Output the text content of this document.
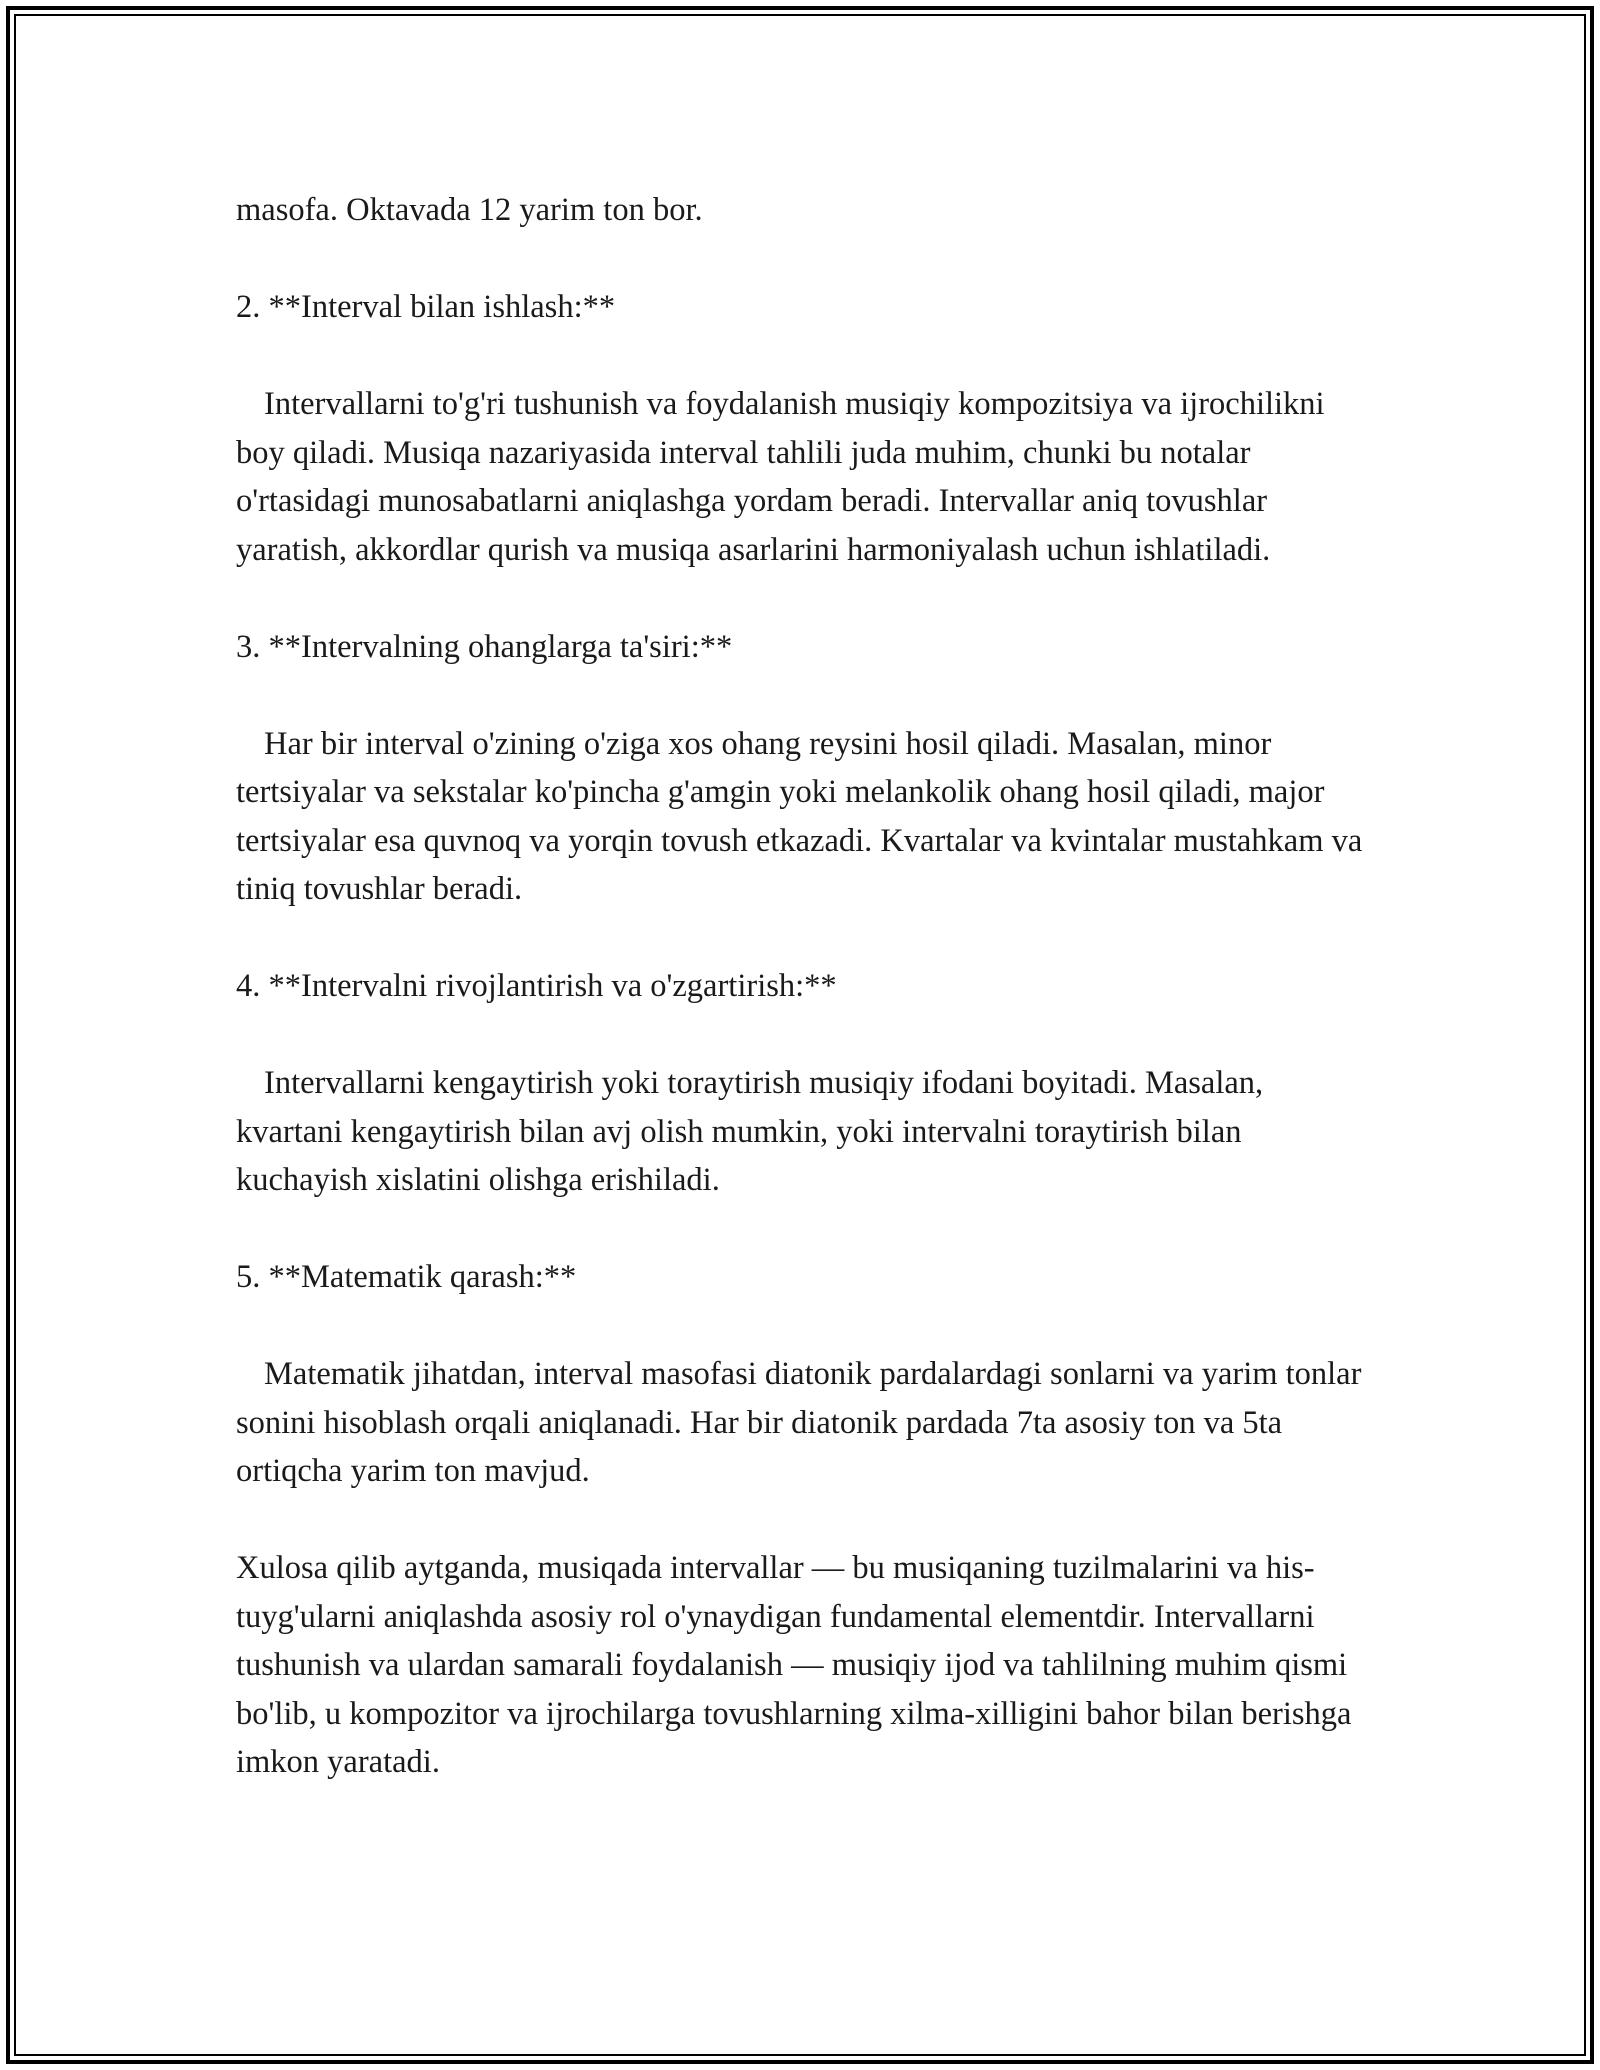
masofa. Oktavada 12 yarim ton bor.

2. **Interval bilan ishlash:**

Intervallarni to'g'ri tushunish va foydalanish musiqiy kompozitsiya va ijrochilikni boy qiladi. Musiqa nazariyasida interval tahlili juda muhim, chunki bu notalar o'rtasidagi munosabatlarni aniqlashga yordam beradi. Intervallar aniq tovushlar yaratish, akkordlar qurish va musiqa asarlarini harmoniyalash uchun ishlatiladi.

3. **Intervalning ohanglarga ta'siri:**

Har bir interval o'zining o'ziga xos ohang reysini hosil qiladi. Masalan, minor tertsiyalar va sekstalar ko'pincha g'amgin yoki melankolik ohang hosil qiladi, major tertsiyalar esa quvnoq va yorqin tovush etkazadi. Kvartalar va kvintalar mustahkam va tiniq tovushlar beradi.

4. **Intervalni rivojlantirish va o'zgartirish:**

Intervallarni kengaytirish yoki toraytirish musiqiy ifodani boyitadi. Masalan, kvartani kengaytirish bilan avj olish mumkin, yoki intervalni toraytirish bilan kuchayish xislatini olishga erishiladi.

5. **Matematik qarash:**

Matematik jihatdan, interval masofasi diatonik pardalardagi sonlarni va yarim tonlar sonini hisoblash orqali aniqlanadi. Har bir diatonik pardada 7ta asosiy ton va 5ta ortiqcha yarim ton mavjud.

Xulosa qilib aytganda, musiqada intervallar — bu musiqaning tuzilmalarini va his-tuyg'ularni aniqlashda asosiy rol o'ynaydigan fundamental elementdir. Intervallarni tushunish va ulardan samarali foydalanish — musiqiy ijod va tahlilning muhim qismi bo'lib, u kompozitor va ijrochilarga tovushlarning xilma-xilligini bahor bilan berishga imkon yaratadi.
